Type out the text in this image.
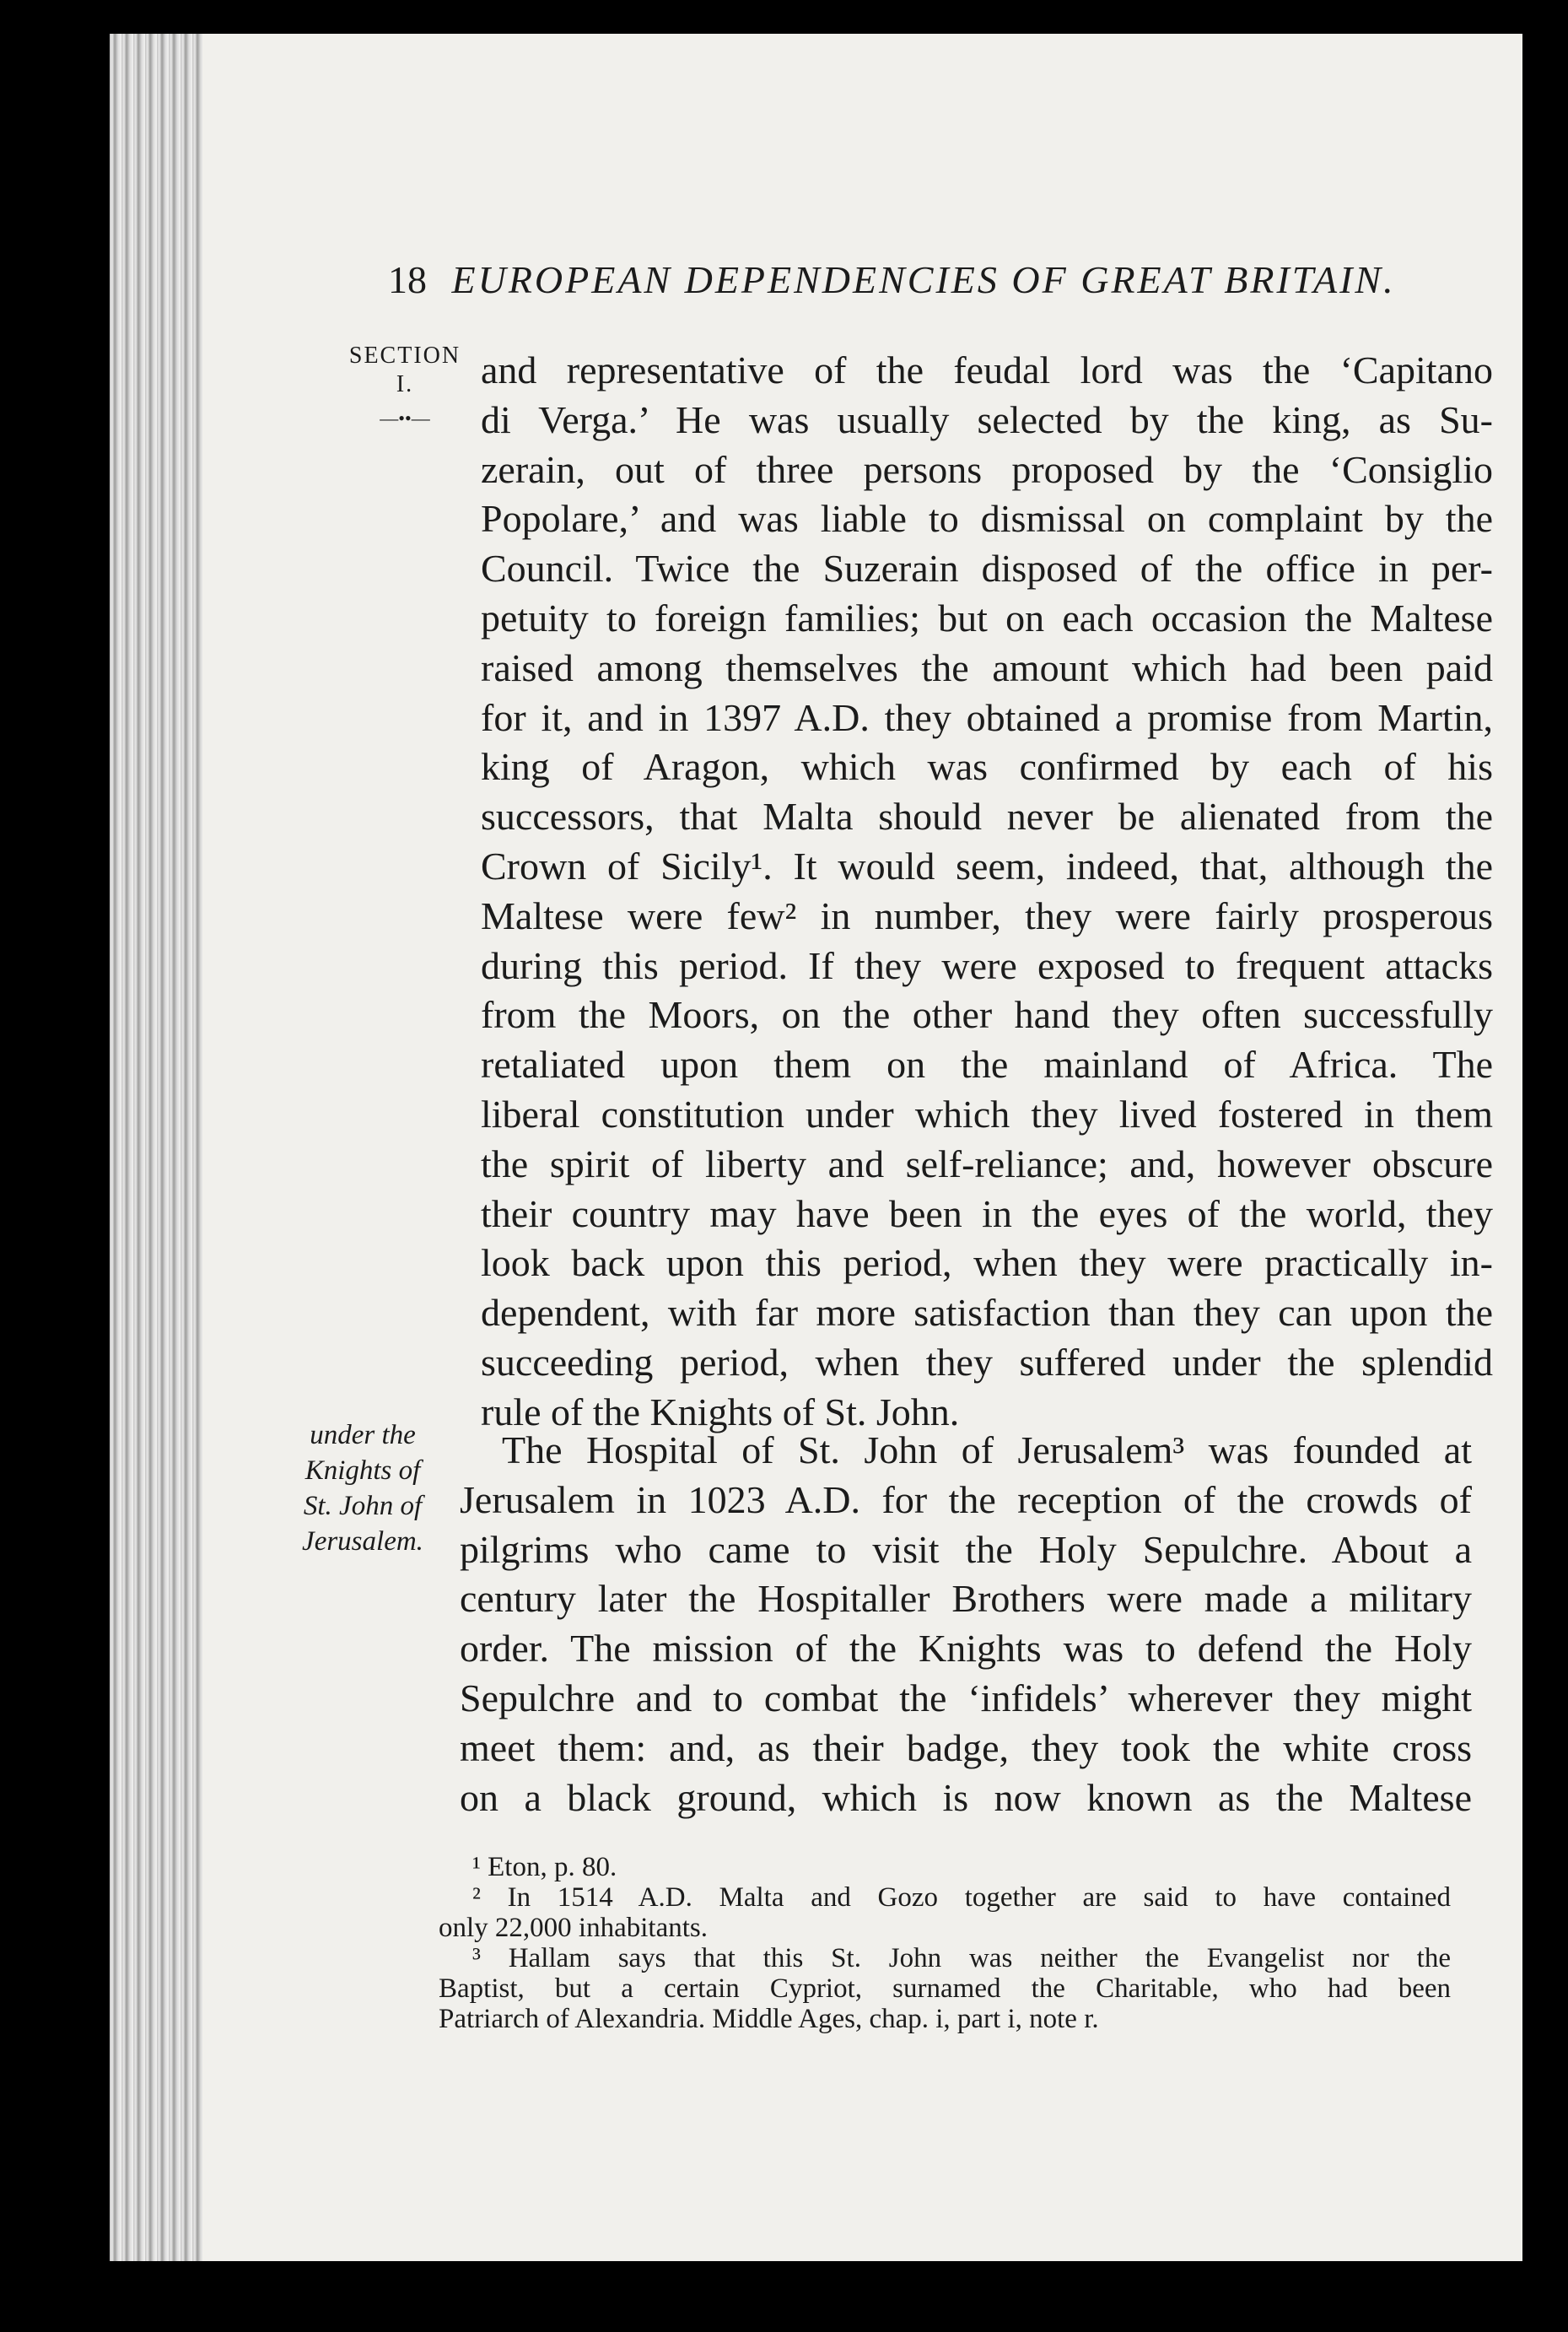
18 EUROPEAN DEPENDENCIES OF GREAT BRITAIN.
SECTION
I.
—••—
under the
Knights of
St. John of
Jerusalem.
and representative of the feudal lord was the ‘Capitano
di Verga.’ He was usually selected by the king, as Su-
zerain, out of three persons proposed by the ‘Consiglio
Popolare,’ and was liable to dismissal on complaint by the
Council. Twice the Suzerain disposed of the office in per-
petuity to foreign families; but on each occasion the Maltese
raised among themselves the amount which had been paid
for it, and in 1397 A.D. they obtained a promise from Martin,
king of Aragon, which was confirmed by each of his
successors, that Malta should never be alienated from the
Crown of Sicily¹. It would seem, indeed, that, although the
Maltese were few² in number, they were fairly prosperous
during this period. If they were exposed to frequent attacks
from the Moors, on the other hand they often successfully
retaliated upon them on the mainland of Africa. The
liberal constitution under which they lived fostered in them
the spirit of liberty and self-reliance; and, however obscure
their country may have been in the eyes of the world, they
look back upon this period, when they were practically in-
dependent, with far more satisfaction than they can upon the
succeeding period, when they suffered under the splendid
rule of the Knights of St. John.
The Hospital of St. John of Jerusalem³ was founded at
Jerusalem in 1023 A.D. for the reception of the crowds of
pilgrims who came to visit the Holy Sepulchre. About a
century later the Hospitaller Brothers were made a military
order. The mission of the Knights was to defend the Holy
Sepulchre and to combat the ‘infidels’ wherever they might
meet them: and, as their badge, they took the white cross
on a black ground, which is now known as the Maltese
¹ Eton, p. 80.
² In 1514 A.D. Malta and Gozo together are said to have contained
only 22,000 inhabitants.
³ Hallam says that this St. John was neither the Evangelist nor the
Baptist, but a certain Cypriot, surnamed the Charitable, who had been
Patriarch of Alexandria. Middle Ages, chap. i, part i, note r.
